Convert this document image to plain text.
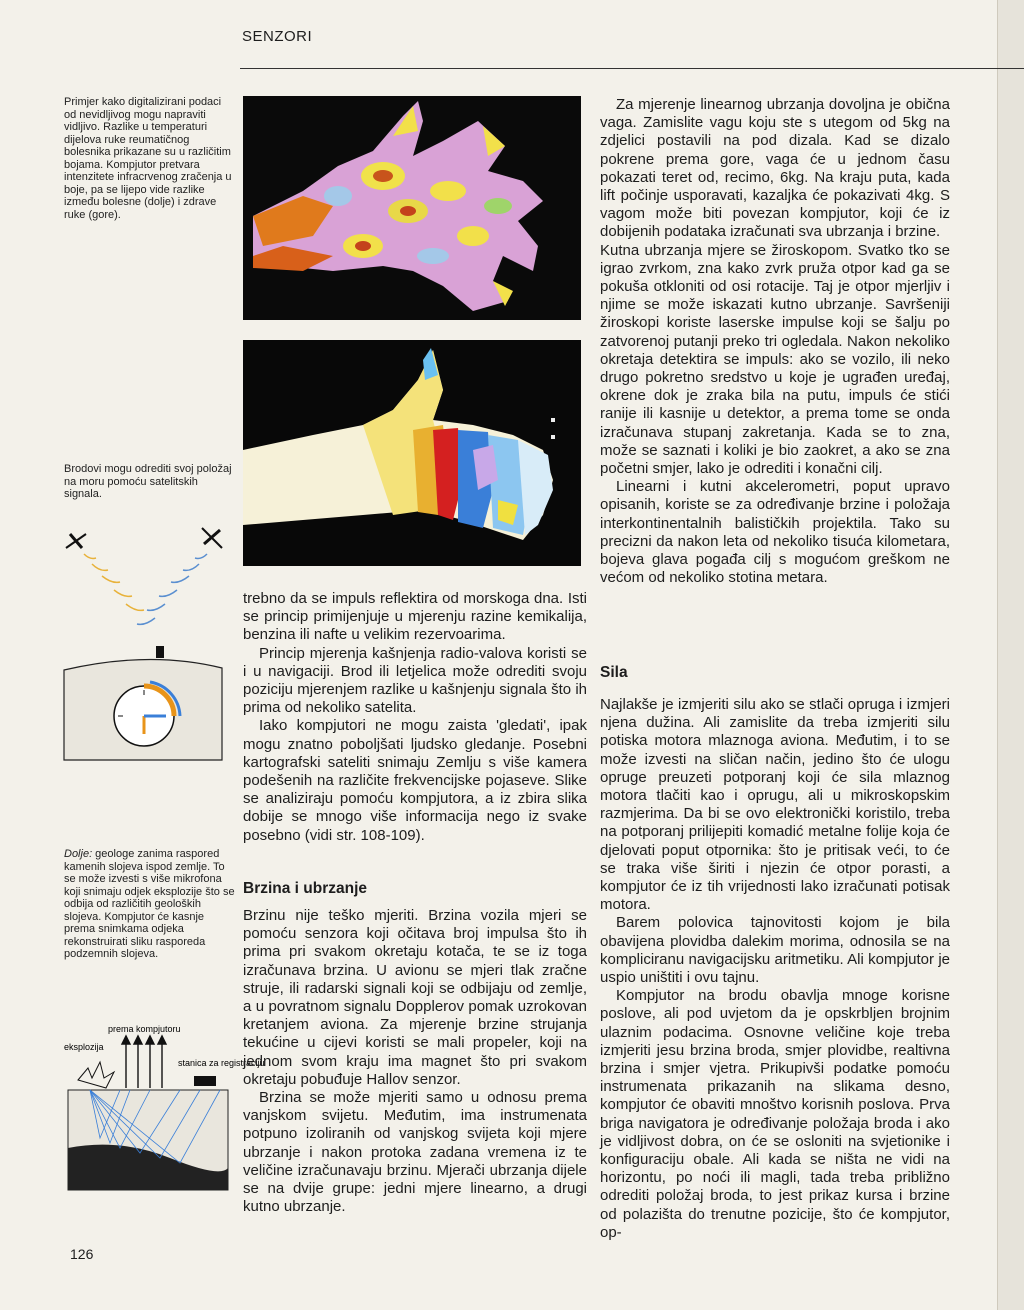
SENZORI
Primjer kako digitalizirani podaci od nevidljivog mogu napraviti vidljivo. Razlike u temperaturi dijelova ruke reumatičnog bolesnika prikazane su u različitim bojama. Kompjutor pretvara intenzitete infracrvenog zračenja u boje, pa se lijepo vide razlike između bolesne (dolje) i zdrave ruke (gore).
Brodovi mogu odrediti svoj položaj na moru pomoću satelitskih signala.
Dolje: geologe zanima raspored kamenih slojeva ispod zemlje. To se može izvesti s više mikrofona koji snimaju odjek eksplozije što se odbija od različitih geoloških slojeva. Kompjutor će kasnje prema snimkama odjeka rekonstruirati sliku rasporeda podzemnih slojeva.
eksplozija
prema kompjutoru
stanica za registraciju

trebno da se impuls reflektira od morskoga dna. Isti se princip primijenjuje u mjerenju razine kemikalija, benzina ili nafte u velikim rezervoarima.

Princip mjerenja kašnjenja radio-valova koristi se i u navigaciji. Brod ili letjelica može odrediti svoju poziciju mjerenjem razlike u kašnjenju signala što ih prima od nekoliko satelita.

Iako kompjutori ne mogu zaista 'gledati', ipak mogu znatno poboljšati ljudsko gledanje. Posebni kartografski sateliti snimaju Zemlju s više kamera podešenih na različite frekvencijske pojaseve. Slike se analiziraju pomoću kompjutora, a iz zbira slika dobije se mnogo više informacija nego iz svake posebno (vidi str. 108-109).

Brzina i ubrzanje

Brzinu nije teško mjeriti. Brzina vozila mjeri se pomoću senzora koji očitava broj impulsa što ih prima pri svakom okretaju kotača, te se iz toga izračunava brzina. U avionu se mjeri tlak zračne struje, ili radarski signali koji se odbijaju od zemlje, a u povratnom signalu Dopplerov pomak uzrokovan kretanjem aviona. Za mjerenje brzine strujanja tekućine u cijevi koristi se mali propeler, koji na jednom svom kraju ima magnet što pri svakom okretaju pobuđuje Hallov senzor.

Brzina se može mjeriti samo u odnosu prema vanjskom svijetu. Međutim, ima instrumenata potpuno izoliranih od vanjskog svijeta koji mjere ubrzanje i nakon protoka zadana vremena iz te veličine izračunavaju brzinu. Mjerači ubrzanja dijele se na dvije grupe: jedni mjere linearno, a drugi kutno ubrzanje.

Za mjerenje linearnog ubrzanja dovoljna je obična vaga. Zamislite vagu koju ste s utegom od 5kg na zdjelici postavili na pod dizala. Kad se dizalo pokrene prema gore, vaga će u jednom času pokazati teret od, recimo, 6kg. Na kraju puta, kada lift počinje usporavati, kazaljka će pokazivati 4kg. S vagom može biti povezan kompjutor, koji će iz dobijenih podataka izračunati sva ubrzanja i brzine.

Kutna ubrzanja mjere se žiroskopom. Svatko tko se igrao zvrkom, zna kako zvrk pruža otpor kad ga se pokuša otkloniti od osi rotacije. Taj je otpor mjerljiv i njime se može iskazati kutno ubrzanje. Savršeniji žiroskopi koriste laserske impulse koji se šalju po zatvorenoj putanji preko tri ogledala. Nakon nekoliko okretaja detektira se impuls: ako se vozilo, ili neko drugo pokretno sredstvo u koje je ugrađen uređaj, okrene dok je zraka bila na putu, impuls će stići ranije ili kasnije u detektor, a prema tome se onda izračunava stupanj zakretanja. Kada se to zna, može se saznati i koliki je bio zaokret, a ako se zna početni smjer, lako je odrediti i konačni cilj.

Linearni i kutni akcelerometri, poput upravo opisanih, koriste se za određivanje brzine i položaja interkontinentalnih balističkih projektila. Tako su precizni da nakon leta od nekoliko tisuća kilometara, bojeva glava pogađa cilj s mogućom greškom ne većom od nekoliko stotina metara.

Sila

Najlakše je izmjeriti silu ako se stlači opruga i izmjeri njena dužina. Ali zamislite da treba izmjeriti silu potiska motora mlaznoga aviona. Međutim, i to se može izvesti na sličan način, jedino što će ulogu opruge preuzeti potporanj koji će sila mlaznog motora tlačiti kao i oprugu, ali u mikroskopskim razmjerima. Da bi se ovo elektronički koristilo, treba na potporanj prilijepiti komadić metalne folije koja će djelovati poput otpornika: što je pritisak veći, to će se traka više širiti i njezin će otpor porasti, a kompjutor će iz tih vrijednosti lako izračunati potisak motora.

Barem polovica tajnovitosti kojom je bila obavijena plovidba dalekim morima, odnosila se na kompliciranu navigacijsku aritmetiku. Ali kompjutor je uspio uništiti i ovu tajnu.

Kompjutor na brodu obavlja mnoge korisne poslove, ali pod uvjetom da je opskrbljen brojnim ulaznim podacima. Osnovne veličine koje treba izmjeriti jesu brzina broda, smjer plovidbe, realtivna brzina i smjer vjetra. Prikupivši podatke pomoću instrumenata prikazanih na slikama desno, kompjutor će obaviti mnoštvo korisnih poslova. Prva briga navigatora je određivanje položaja broda i ako je vidljivost dobra, on će se osloniti na svjetionike i konfiguraciju obale. Ali kada se ništa ne vidi na horizontu, po noći ili magli, tada treba približno odrediti položaj broda, to jest prikaz kursa i brzine od polazišta do trenutne pozicije, što će kompjutor, op-

126
